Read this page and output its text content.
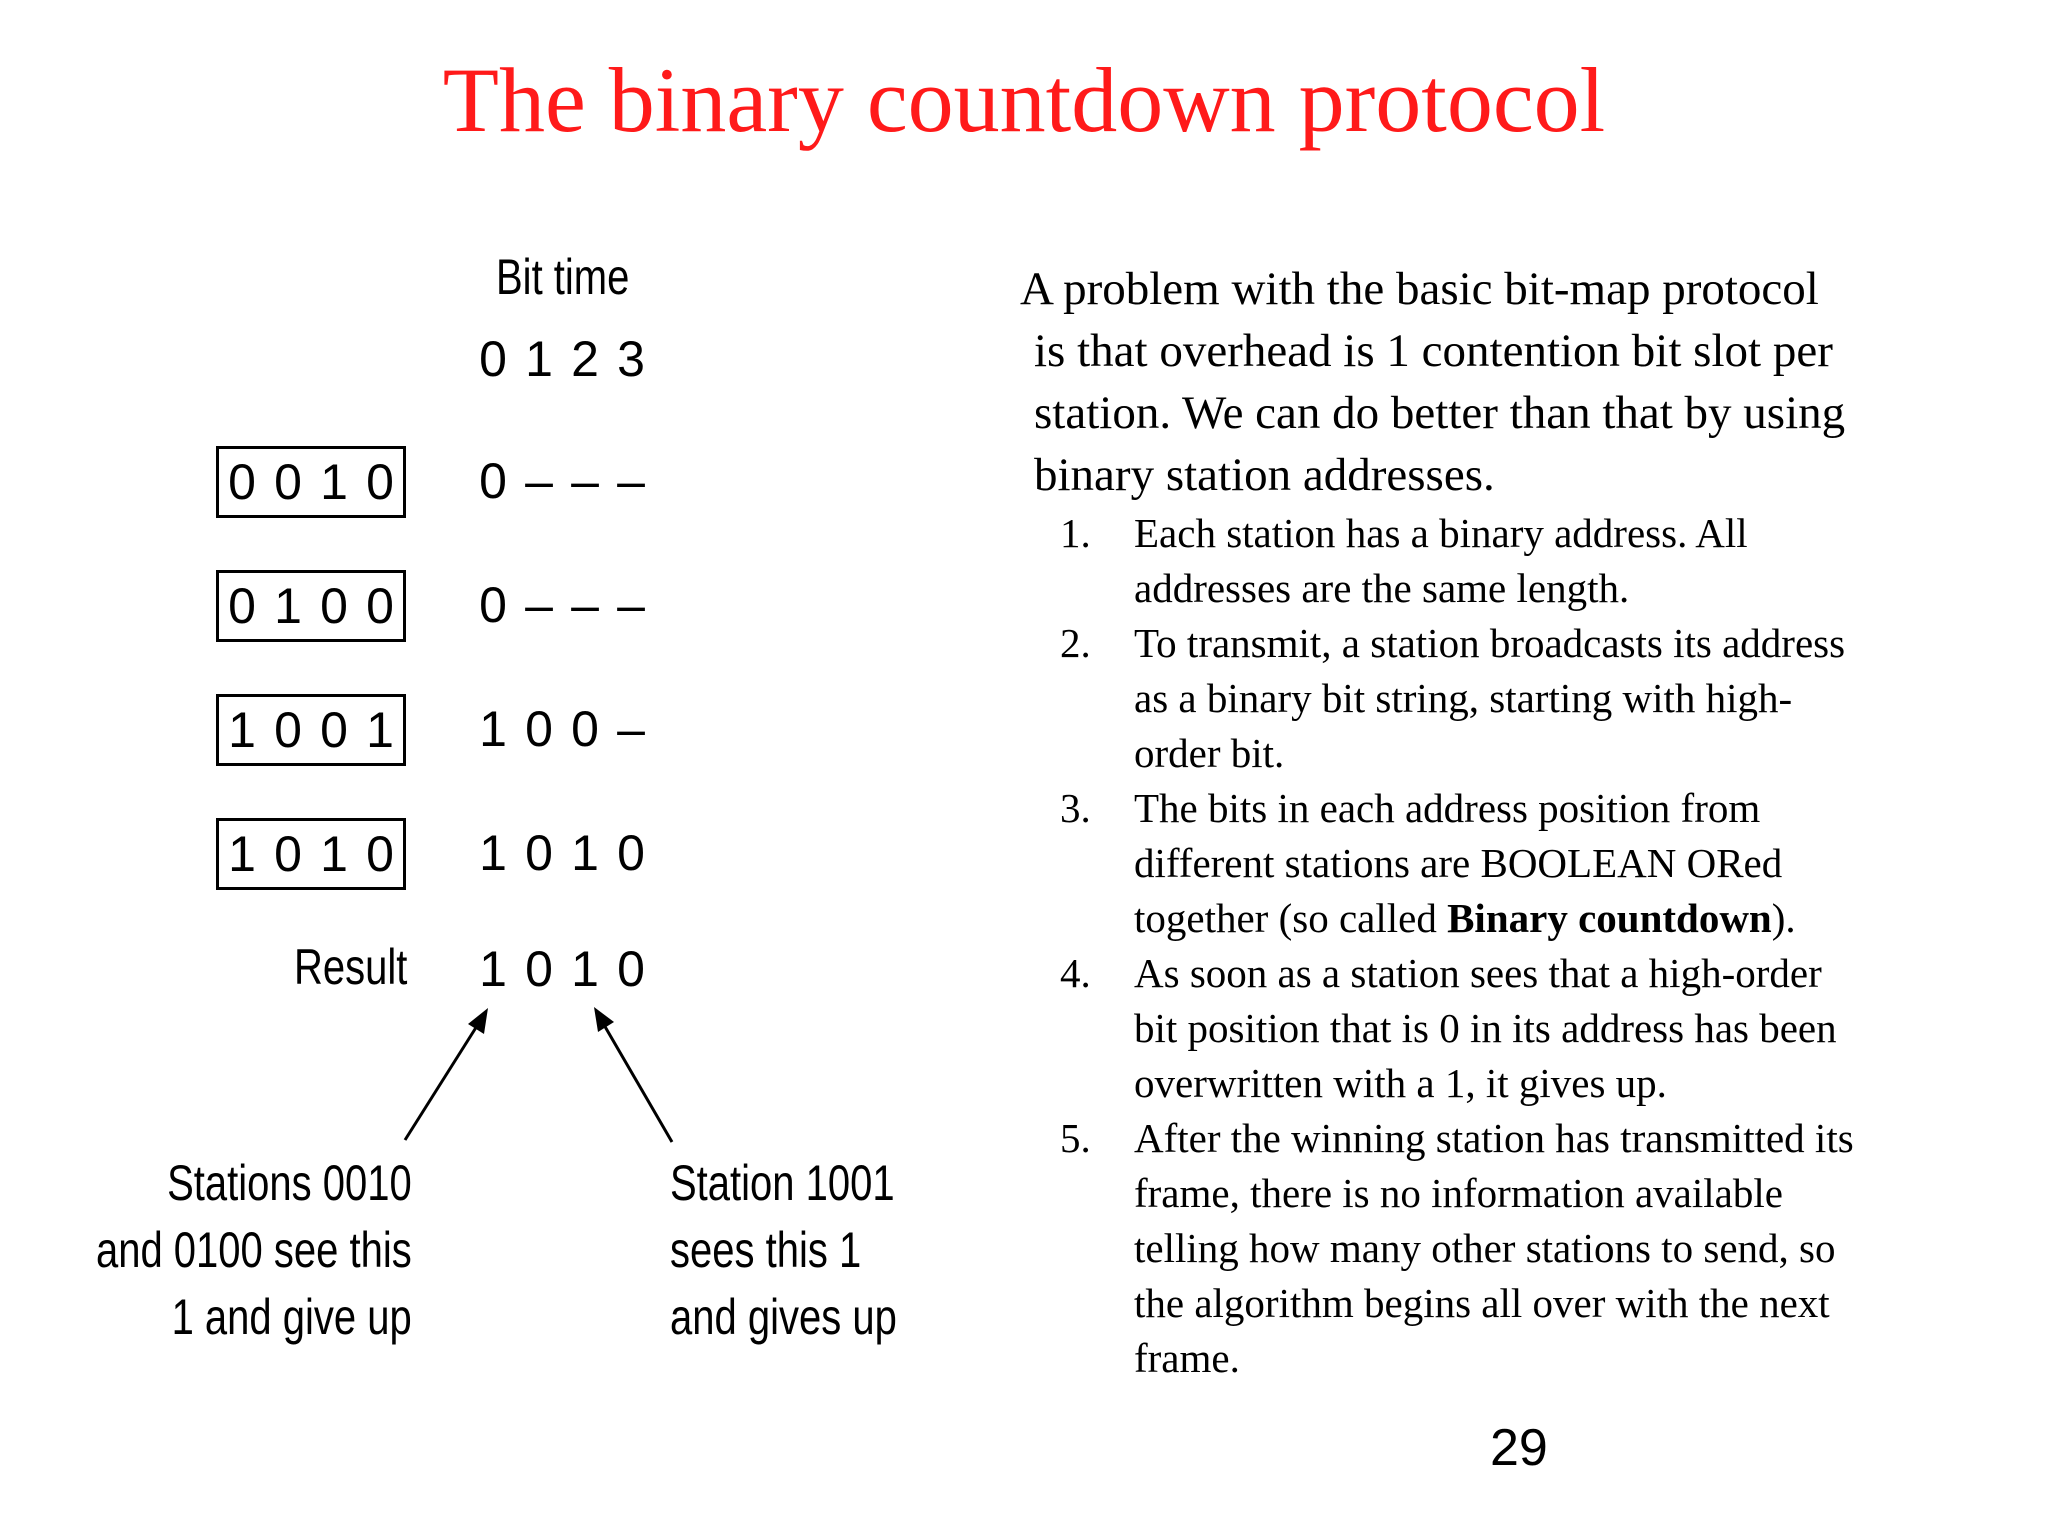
The binary countdown protocol
Bit time
0 1 2 3
0 0 1 0 0 – – –
0 1 0 0 0 – – –
1 0 0 1 1 0 0 –
1 0 1 0 1 0 1 0
Result 1 0 1 0
Stations 0010
and 0100 see this
1 and give up
Station 1001
sees this 1
and gives up
A problem with the basic bit-map protocol
is that overhead is 1 contention bit slot per
station. We can do better than that by using
binary station addresses.
1. Each station has a binary address. All
addresses are the same length.
2. To transmit, a station broadcasts its address
as a binary bit string, starting with high-
order bit.
3. The bits in each address position from
different stations are BOOLEAN ORed
together (so called Binary countdown).
4. As soon as a station sees that a high-order
bit position that is 0 in its address has been
overwritten with a 1, it gives up.
5. After the winning station has transmitted its
frame, there is no information available
telling how many other stations to send, so
the algorithm begins all over with the next
frame.
29
